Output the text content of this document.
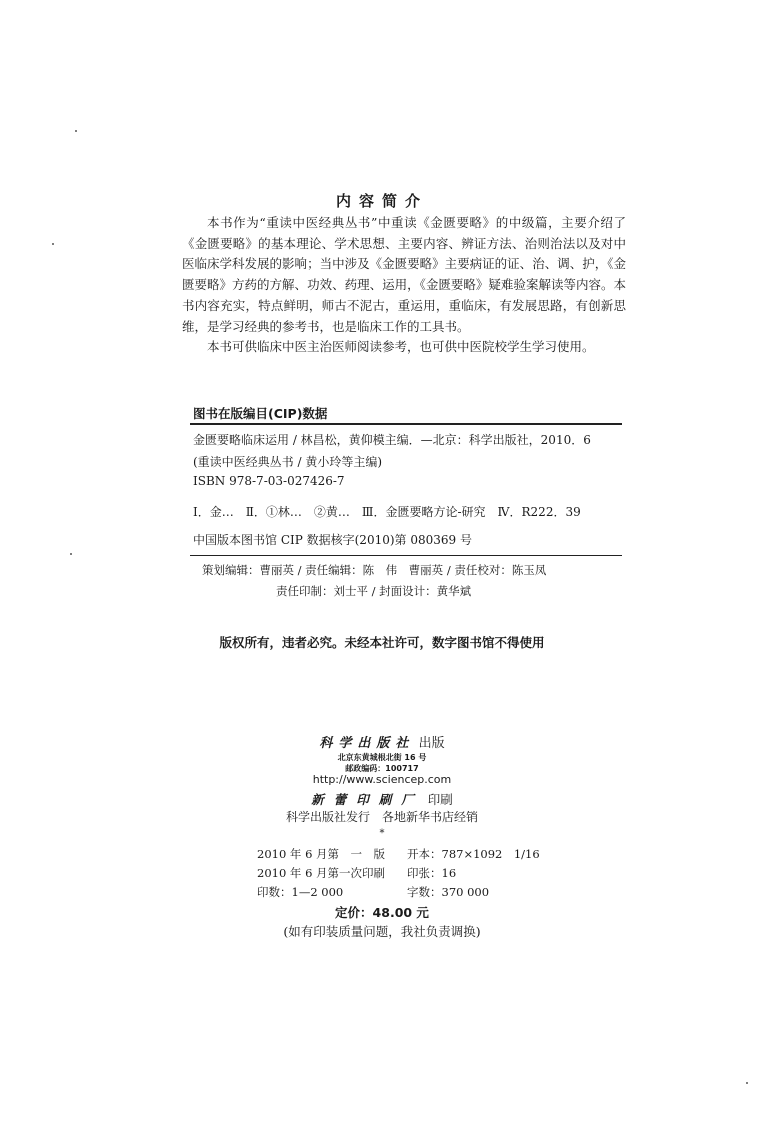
内容简介

本书作为“重读中医经典丛书”中重读《金匮要略》的中级篇，主要介绍了《金匮要略》的基本理论、学术思想、主要内容、辨证方法、治则治法以及对中医临床学科发展的影响；当中涉及《金匮要略》主要病证的证、治、调、护，《金匮要略》方药的方解、功效、药理、运用，《金匮要略》疑难验案解读等内容。本书内容充实，特点鲜明，师古不泥古，重运用，重临床，有发展思路，有创新思维，是学习经典的参考书，也是临床工作的工具书。

本书可供临床中医主治医师阅读参考，也可供中医院校学生学习使用。

图书在版编目(CIP)数据
金匮要略临床运用 / 林昌松，黄仰模主编．—北京：科学出版社，2010．6
(重读中医经典丛书 / 黄小玲等主编)
ISBN 978-7-03-027426-7
Ⅰ．金…　Ⅱ．①林…　②黄…　Ⅲ．金匮要略方论-研究　Ⅳ．R222．39
中国版本图书馆 CIP 数据核字(2010)第 080369 号
策划编辑：曹丽英 / 责任编辑：陈　伟　曹丽英 / 责任校对：陈玉凤
责任印制：刘士平 / 封面设计：黄华斌
版权所有，违者必究。未经本社许可，数字图书馆不得使用
科学出版社 出版
北京东黄城根北街 16 号
邮政编码：100717
http://www.sciencep.com
新蕾印刷厂 印刷
科学出版社发行　各地新华书店经销
*
2010 年 6 月第　一　版 开本：787×1092　1/16
2010 年 6 月第一次印刷 印张：16
印数：1—2 000	字数：370 000
定价：48.00 元
(如有印装质量问题，我社负责调换)
